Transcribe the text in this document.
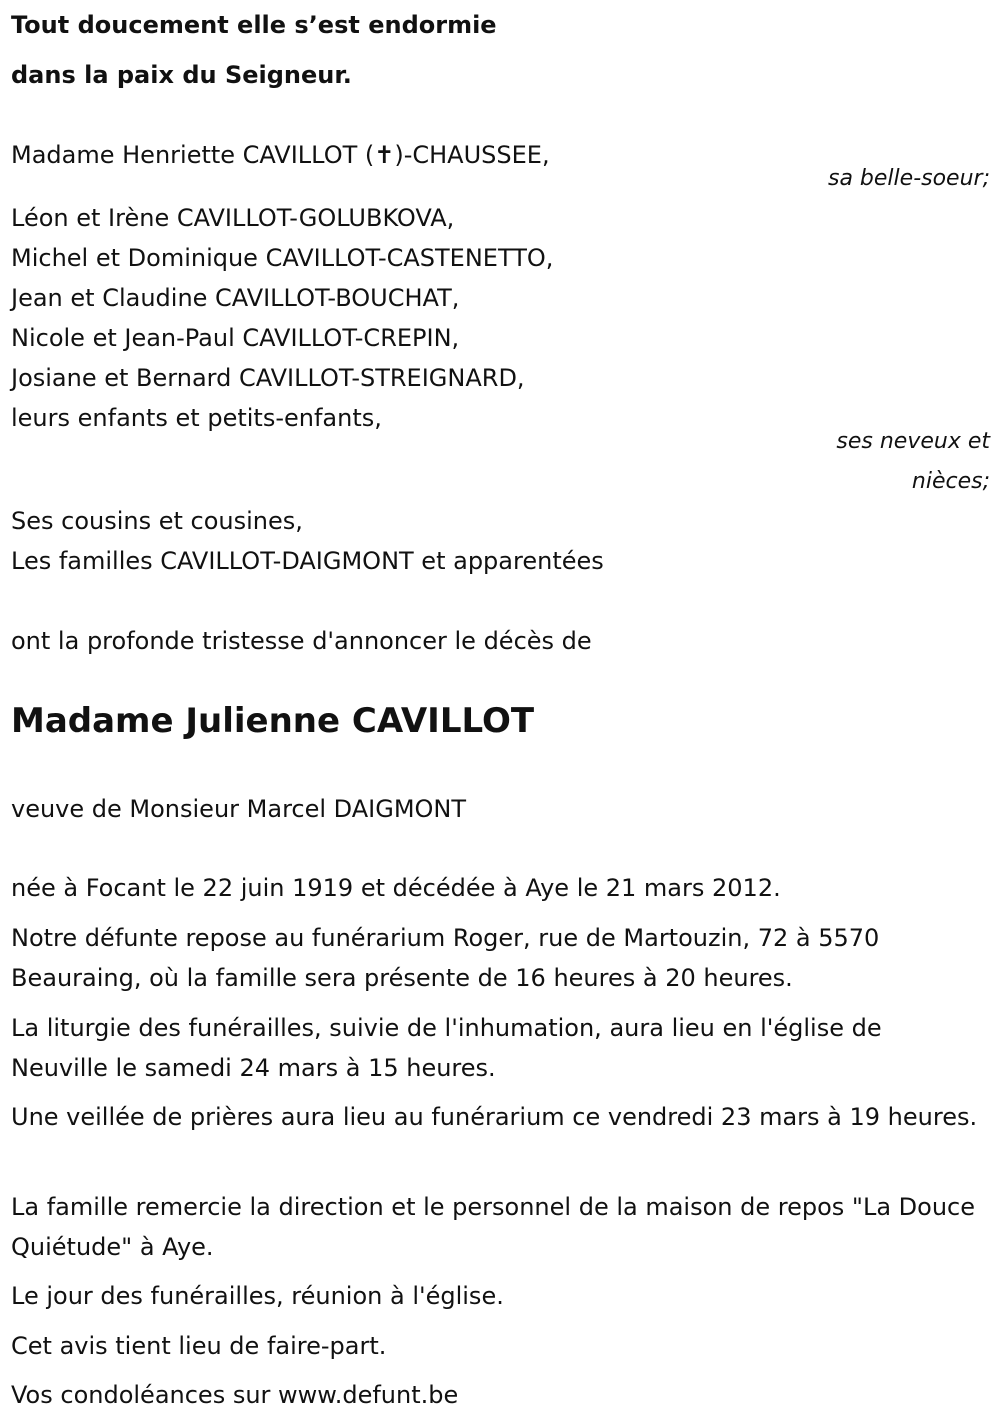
Tout doucement elle s’est endormie
dans la paix du Seigneur.
Madame Henriette CAVILLOT (✝)-CHAUSSEE,
sa belle-soeur;
Léon et Irène CAVILLOT-GOLUBKOVA,
Michel et Dominique CAVILLOT-CASTENETTO,
Jean et Claudine CAVILLOT-BOUCHAT,
Nicole et Jean-Paul CAVILLOT-CREPIN,
Josiane et Bernard CAVILLOT-STREIGNARD,
leurs enfants et petits-enfants,
ses neveux et
nièces;
Ses cousins et cousines,
Les familles CAVILLOT-DAIGMONT et apparentées
ont la profonde tristesse d'annoncer le décès de
Madame Julienne CAVILLOT
veuve de Monsieur Marcel DAIGMONT
née à Focant le 22 juin 1919 et décédée à Aye le 21 mars 2012.
Notre défunte repose au funérarium Roger, rue de Martouzin, 72 à 5570 Beauraing, où la famille sera présente de 16 heures à 20 heures.
La liturgie des funérailles, suivie de l'inhumation, aura lieu en l'église de Neuville le samedi 24 mars à 15 heures.
Une veillée de prières aura lieu au funérarium ce vendredi 23 mars à 19 heures.
La famille remercie la direction et le personnel de la maison de repos "La Douce Quiétude" à Aye.
Le jour des funérailles, réunion à l'église.
Cet avis tient lieu de faire-part.
Vos condoléances sur www.defunt.be
